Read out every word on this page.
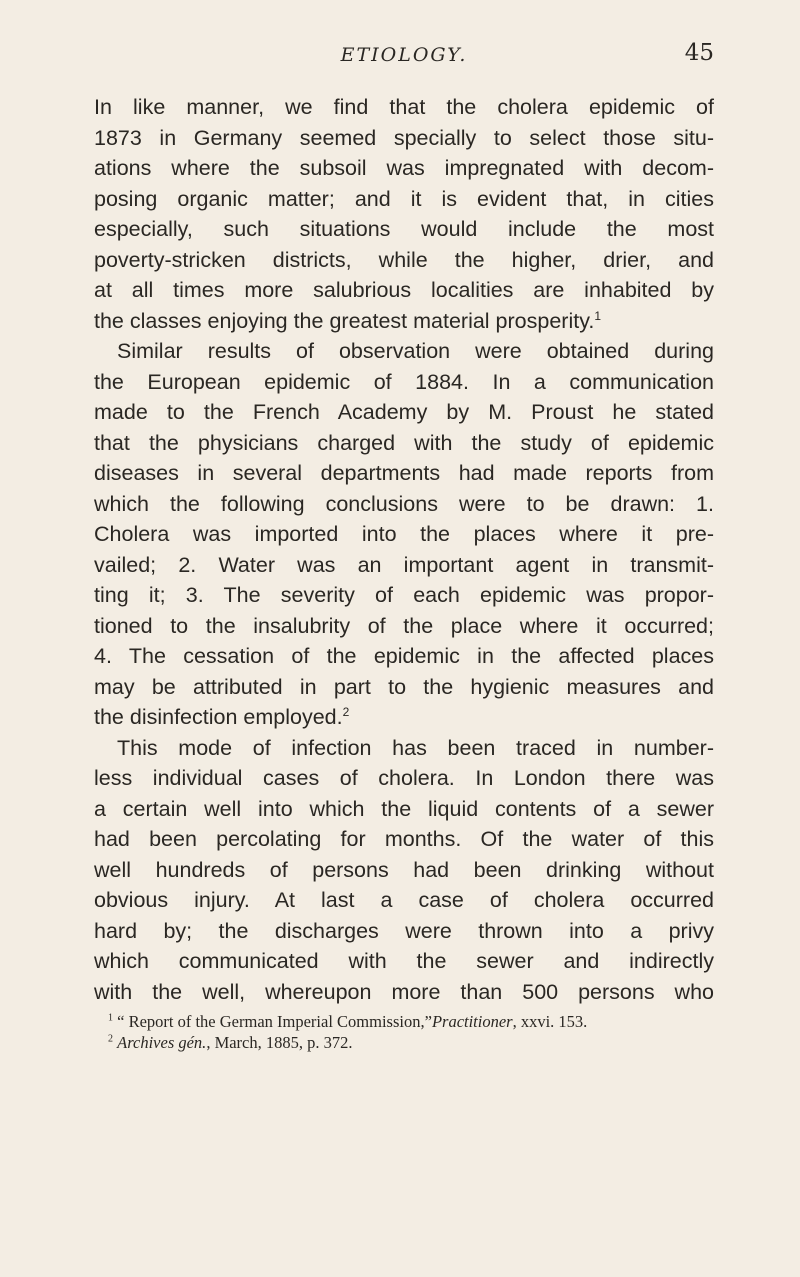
ETIOLOGY.	45
In like manner, we find that the cholera epidemic of
1873 in Germany seemed specially to select those situ-
ations where the subsoil was impregnated with decom-
posing organic matter; and it is evident that, in cities
especially, such situations would include the most
poverty-stricken districts, while the higher, drier, and
at all times more salubrious localities are inhabited by
the classes enjoying the greatest material prosperity.$^1$
Similar results of observation were obtained during
the European epidemic of 1884. In a communication
made to the French Academy by M. Proust he stated
that the physicians charged with the study of epidemic
diseases in several departments had made reports from
which the following conclusions were to be drawn: 1.
Cholera was imported into the places where it pre-
vailed; 2. Water was an important agent in transmit-
ting it; 3. The severity of each epidemic was propor-
tioned to the insalubrity of the place where it occurred;
4. The cessation of the epidemic in the affected places
may be attributed in part to the hygienic measures and
the disinfection employed.$^2$
This mode of infection has been traced in number-
less individual cases of cholera. In London there was
a certain well into which the liquid contents of a sewer
had been percolating for months. Of the water of this
well hundreds of persons had been drinking without
obvious injury. At last a case of cholera occurred
hard by; the discharges were thrown into a privy
which communicated with the sewer and indirectly
with the well, whereupon more than 500 persons who
$^1$ “ Report of the German Imperial Commission,”Practitioner, xxvi. 153.
$^2$ Archives gén., March, 1885, p. 372.
